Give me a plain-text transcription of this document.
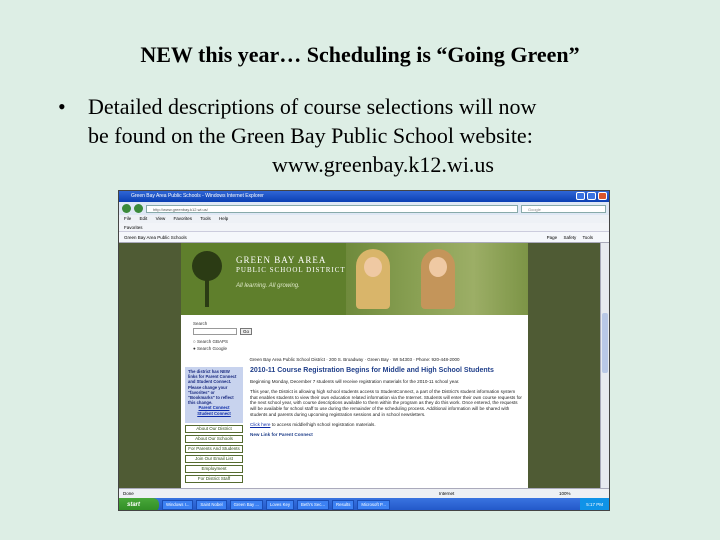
NEW this year… Scheduling is “Going Green”
•	Detailed descriptions of course selections will now
be found on the Green Bay Public School website:
www.greenbay.k12.wi.us
Green Bay Area Public Schools - Windows Internet Explorer
http://www.greenbay.k12.wi.us/	Google
File Edit View Favorites Tools Help
Favorites
Green Bay Area Public Schools	Page Safety Tools
GREEN BAY AREA
PUBLIC SCHOOL DISTRICT
All learning. All growing.
Search
Go
○ Search GBAPS
● Search Google
Green Bay Area Public School District · 200 S. Broadway · Green Bay · WI 54303 · Phone: 920-448-2000
The district has NEW links for Parent Connect and Student Connect. Please change your "favorites" or "Bookmarks" to reflect this change.
Parent Connect
Student Connect
About Our District
About Our Schools
For Parents And Students
Join Our Email List
Employment
For District Staff
2010-11 Course Registration Begins for Middle and High School Students
Beginning Monday, December 7 students will receive registration materials for the 2010-11 school year.
This year, the District is allowing high school students access to StudentConnect, a part of the District's student information system that enables students to view their own education related information via the Internet. Students will enter their own course requests for the next school year, with course descriptions available to them within the program as they do this work. Once entered, the requests will be available for school staff to use during the remainder of the scheduling process. Additional information will be shared with students and parents during upcoming registration sessions and in school newsletters.
Click here to access middle/high school registration materials.
New Link for Parent Connect
Done	Internet	100%
start	Windows I...	Saint Nobel	Green Bay ...	Loves Key	Beth's Sec...	Results	Microsoft P...	5:17 PM
